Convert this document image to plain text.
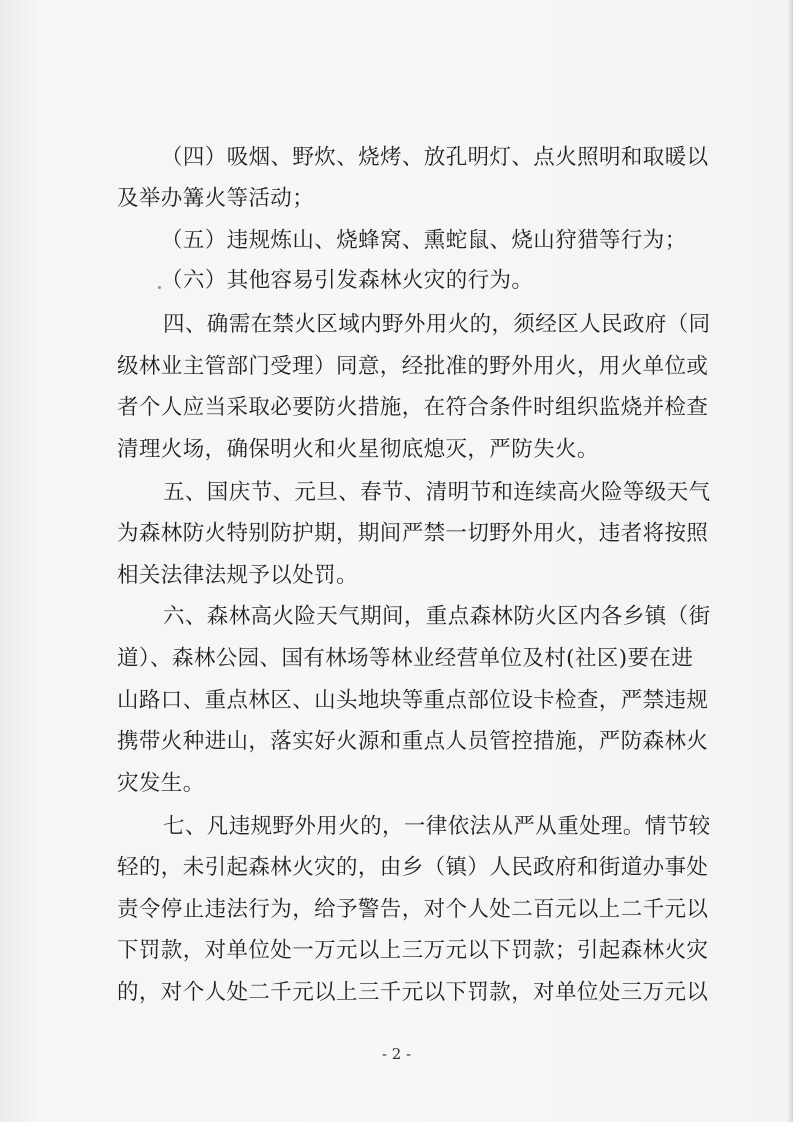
（四）吸烟、野炊、烧烤、放孔明灯、点火照明和取暖以
及举办篝火等活动；
（五）违规炼山、烧蜂窝、熏蛇鼠、烧山狩猎等行为；
（六）其他容易引发森林火灾的行为。
四、确需在禁火区域内野外用火的，须经区人民政府（同
级林业主管部门受理）同意，经批准的野外用火，用火单位或
者个人应当采取必要防火措施，在符合条件时组织监烧并检查
清理火场，确保明火和火星彻底熄灭，严防失火。
五、国庆节、元旦、春节、清明节和连续高火险等级天气
为森林防火特别防护期，期间严禁一切野外用火，违者将按照
相关法律法规予以处罚。
六、森林高火险天气期间，重点森林防火区内各乡镇（街
道）、森林公园、国有林场等林业经营单位及村(社区)要在进
山路口、重点林区、山头地块等重点部位设卡检查，严禁违规
携带火种进山，落实好火源和重点人员管控措施，严防森林火
灾发生。
七、凡违规野外用火的，一律依法从严从重处理。情节较
轻的，未引起森林火灾的，由乡（镇）人民政府和街道办事处
责令停止违法行为，给予警告，对个人处二百元以上二千元以
下罚款，对单位处一万元以上三万元以下罚款；引起森林火灾
的，对个人处二千元以上三千元以下罚款，对单位处三万元以
- 2 -
